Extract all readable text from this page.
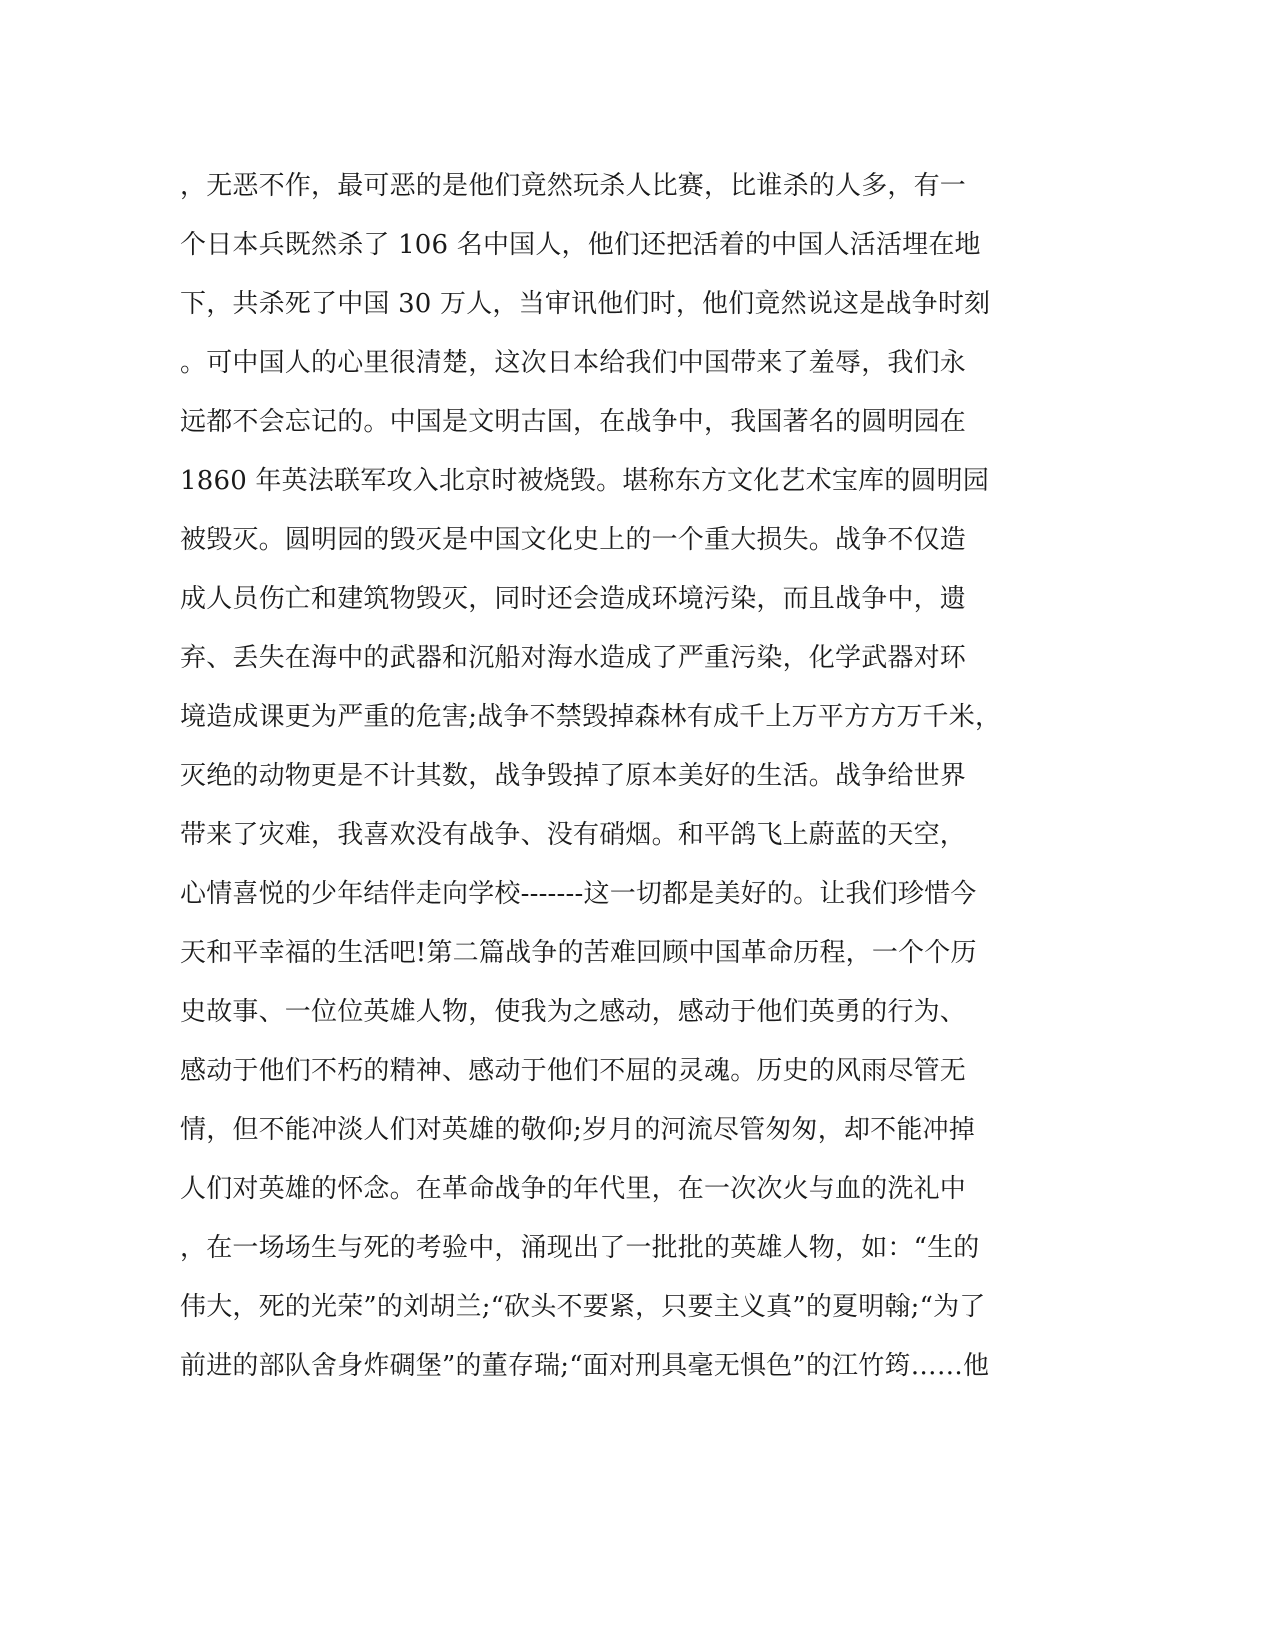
，无恶不作，最可恶的是他们竟然玩杀人比赛，比谁杀的人多，有一
个日本兵既然杀了 106 名中国人，他们还把活着的中国人活活埋在地
下，共杀死了中国 30 万人，当审讯他们时，他们竟然说这是战争时刻
。可中国人的心里很清楚，这次日本给我们中国带来了羞辱，我们永
远都不会忘记的。中国是文明古国，在战争中，我国著名的圆明园在
1860 年英法联军攻入北京时被烧毁。堪称东方文化艺术宝库的圆明园
被毁灭。圆明园的毁灭是中国文化史上的一个重大损失。战争不仅造
成人员伤亡和建筑物毁灭，同时还会造成环境污染，而且战争中，遗
弃、丢失在海中的武器和沉船对海水造成了严重污染，化学武器对环
境造成课更为严重的危害;战争不禁毁掉森林有成千上万平方方万千米，
灭绝的动物更是不计其数，战争毁掉了原本美好的生活。战争给世界
带来了灾难，我喜欢没有战争、没有硝烟。和平鸽飞上蔚蓝的天空，
心情喜悦的少年结伴走向学校-------这一切都是美好的。让我们珍惜今
天和平幸福的生活吧!第二篇战争的苦难回顾中国革命历程，一个个历
史故事、一位位英雄人物，使我为之感动，感动于他们英勇的行为、
感动于他们不朽的精神、感动于他们不屈的灵魂。历史的风雨尽管无
情，但不能冲淡人们对英雄的敬仰;岁月的河流尽管匆匆，却不能冲掉
人们对英雄的怀念。在革命战争的年代里，在一次次火与血的洗礼中
，在一场场生与死的考验中，涌现出了一批批的英雄人物，如：“生的
伟大，死的光荣”的刘胡兰;“砍头不要紧，只要主义真”的夏明翰;“为了
前进的部队舍身炸碉堡”的董存瑞;“面对刑具毫无惧色”的江竹筠……他
